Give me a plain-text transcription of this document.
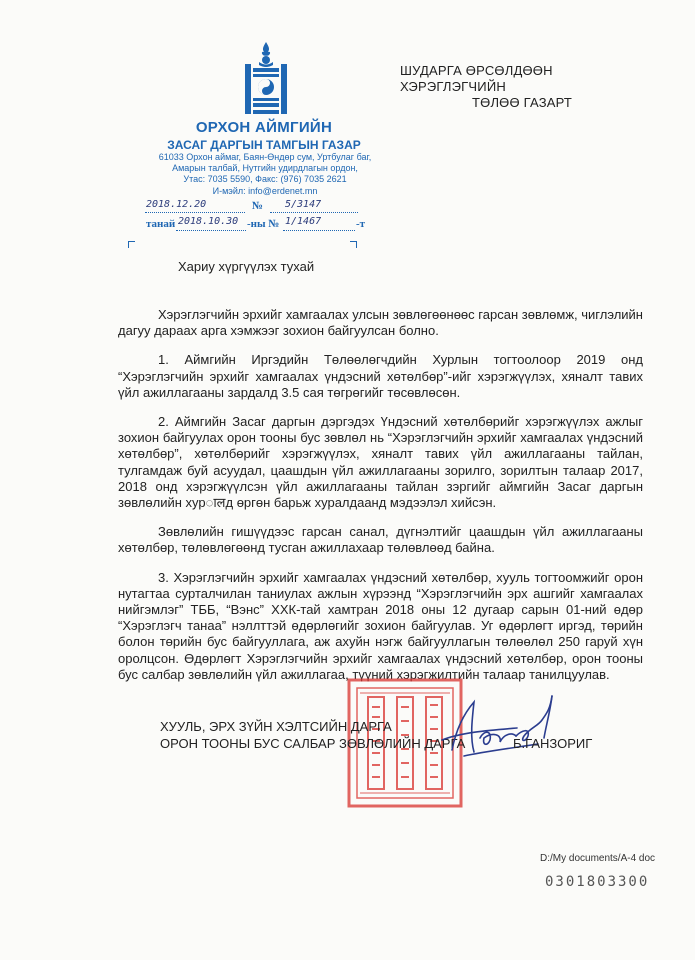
ОРХОН АЙМГИЙН
ЗАСАГ ДАРГЫН ТАМГЫН ГАЗАР
61033 Орхон аймаг, Баян-Өндөр сум, Уртбулаг баг,
Амарын талбай, Нутгийн удирдлагын ордон,
Утас: 7035 5590, Факс: (976) 7035 2621
И-мэйл: info@erdenet.mn
2018.12.20	№ 5/3147
танай 2018.10.30 -ны № 1/1467	-т
ШУДАРГА ӨРСӨЛДӨӨН ХЭРЭГЛЭГЧИЙН
ТӨЛӨӨ ГАЗАРТ
Хариу хүргүүлэх тухай

Хэрэглэгчийн эрхийг хамгаалах улсын зөвлөгөөнөөс гарсан зөвлөмж, чиглэлийн дагуу дараах арга хэмжээг зохион байгуулсан болно.

1. Аймгийн Иргэдийн Төлөөлөгчдийн Хурлын тогтоолоор 2019 онд “Хэрэглэгчийн эрхийг хамгаалах үндэсний хөтөлбөр”-ийг хэрэгжүүлэх, хяналт тавих үйл ажиллагааны зардалд 3.5 сая төгрөгийг төсөвлөсөн.

2. Аймгийн Засаг даргын дэргэдэх Үндэсний хөтөлбөрийг хэрэгжүүлэх ажлыг зохион байгуулах орон тооны бус зөвлөл нь “Хэрэглэгчийн эрхийг хамгаалах үндэсний хөтөлбөр”, хөтөлбөрийг хэрэгжүүлэх, хяналт тавих үйл ажиллагааны тайлан, тулгамдаж буй асуудал, цаашдын үйл ажиллагааны зорилго, зорилтын талаар 2017, 2018 онд хэрэгжүүлсэн үйл ажиллагааны тайлан зэргийг аймгийн Засаг даргын зөвлөлийн хурालд өргөн барьж хуралдаанд мэдээлэл хийсэн.

Зөвлөлийн гишүүдээс гарсан санал, дүгнэлтийг цаашдын үйл ажиллагааны хөтөлбөр, төлөвлөгөөнд тусган ажиллахаар төлөвлөөд байна.

3. Хэрэглэгчийн эрхийг хамгаалах үндэсний хөтөлбөр, хууль тогтоомжийг орон нутагтаа сурталчилан таниулах ажлын хүрээнд “Хэрэглэгчийн эрх ашгийг хамгаалах нийгэмлэг” ТББ, “Вэнс” ХХК-тай хамтран 2018 оны 12 дугаар сарын 01-ний өдөр “Хэрэглэгч танаа” нэллттэй өдөрлөгийг зохион байгуулав. Уг өдөрлөгт иргэд, төрийн болон төрийн бус байгууллага, аж ахуйн нэгж байгууллагын төлөөлөл 250 гаруй хүн оролцсон. Өдөрлөгт Хэрэглэгчийн эрхийг хамгаалах үндэсний хөтөлбөр, орон тооны бус салбар зөвлөлийн үйл ажиллагаа, түүний хэрэгжилтийн талаар танилцуулав.

ХУУЛЬ, ЭРХ ЗҮЙН ХЭЛТСИЙН ДАРГА
ОРОН ТООНЫ БУС САЛБАР ЗӨВЛӨЛИЙН ДАРГА	Б.ГАНЗОРИГ
D:/My documents/A-4 doc
0301803300
